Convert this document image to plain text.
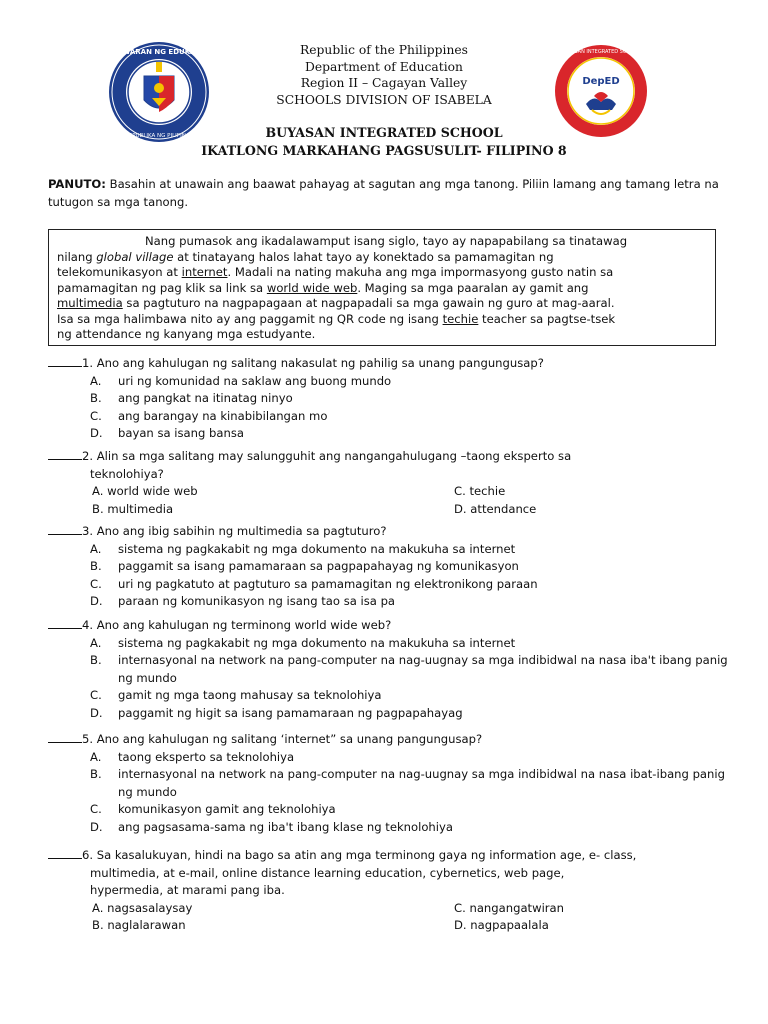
KAGAWARAN NG EDUKASYON
REPUBLIKA NG PILIPINAS
DepED
BUYASAN INTEGRATED SCHOOL
Republic of the Philippines
Department of Education
Region II – Cagayan Valley
SCHOOLS DIVISION OF ISABELA
BUYASAN INTEGRATED SCHOOL
IKATLONG MARKAHANG PAGSUSULIT- FILIPINO 8
PANUTO: Basahin at unawain ang baawat pahayag at sagutan ang mga tanong. Piliin lamang ang tamang letra na tutugon sa mga tanong.
Nang pumasok ang ikadalawamput isang siglo, tayo ay napapabilang sa tinatawag
nilang global village at tinatayang halos lahat tayo ay konektado sa pamamagitan ng
telekomunikasyon at internet. Madali na nating makuha ang mga impormasyong gusto natin sa
pamamagitan ng pag klik sa link sa world wide web. Maging sa mga paaralan ay gamit ang
multimedia sa pagtuturo na nagpapagaan at nagpapadali sa mga gawain ng guro at mag-aaral.
Isa sa mga halimbawa nito ay ang paggamit ng QR code ng isang techie teacher sa pagtse-tsek
ng attendance ng kanyang mga estudyante.
1. Ano ang kahulugan ng salitang nakasulat ng pahilig sa unang pangungusap?
A.	uri ng komunidad na saklaw ang buong mundo
B.	ang pangkat na itinatag ninyo
C.	ang barangay na kinabibilangan mo
D.	bayan sa isang bansa
2. Alin sa mga salitang may salungguhit ang nangangahulugang –taong eksperto sa
teknolohiya?
A. world wide web	C. techie
B. multimedia	D. attendance
3. Ano ang ibig sabihin ng multimedia sa pagtuturo?
A.	sistema ng pagkakabit ng mga dokumento na makukuha sa internet
B.	paggamit sa isang pamamaraan sa pagpapahayag ng komunikasyon
C.	uri ng pagkatuto at pagtuturo sa pamamagitan ng elektronikong paraan
D.	paraan ng komunikasyon ng isang tao sa isa pa
4. Ano ang kahulugan ng terminong world wide web?
A.	sistema ng pagkakabit ng mga dokumento na makukuha sa internet
B.	internasyonal na network na pang-computer na nag-uugnay sa mga indibidwal na nasa iba't ibang panig ng mundo
C.	gamit ng mga taong mahusay sa teknolohiya
D.	paggamit ng higit sa isang pamamaraan ng pagpapahayag
5. Ano ang kahulugan ng salitang ‘internet” sa unang pangungusap?
A.	taong eksperto sa teknolohiya
B.	internasyonal na network na pang-computer na nag-uugnay sa mga indibidwal na nasa ibat-ibang panig ng mundo
C.	komunikasyon gamit ang teknolohiya
D.	ang pagsasama-sama ng iba't ibang klase ng teknolohiya
6. Sa kasalukuyan, hindi na bago sa atin ang mga terminong gaya ng information age, e- class,
multimedia, at e-mail, online distance learning education, cybernetics, web page,
hypermedia, at marami pang iba.
A. nagsasalaysay	C. nangangatwiran
B. naglalarawan	D. nagpapaalala
